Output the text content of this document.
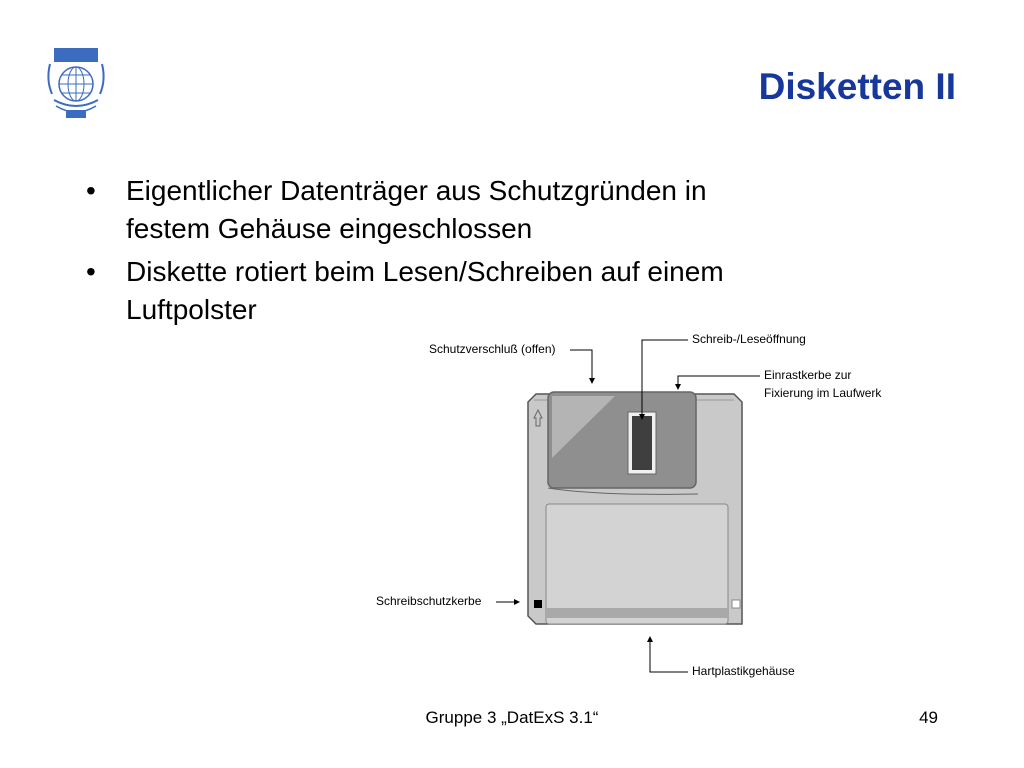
Disketten II
• Eigentlicher Datenträger aus Schutzgründen in
festem Gehäuse eingeschlossen
• Diskette rotiert beim Lesen/Schreiben auf einem
Luftpolster
Schutzverschluß (offen)
Schreib-/Leseöffnung
Einrastkerbe zur
Fixierung im Laufwerk
Schreibschutzkerbe
Hartplastikgehäuse
Gruppe 3 „DatExS 3.1“	49
